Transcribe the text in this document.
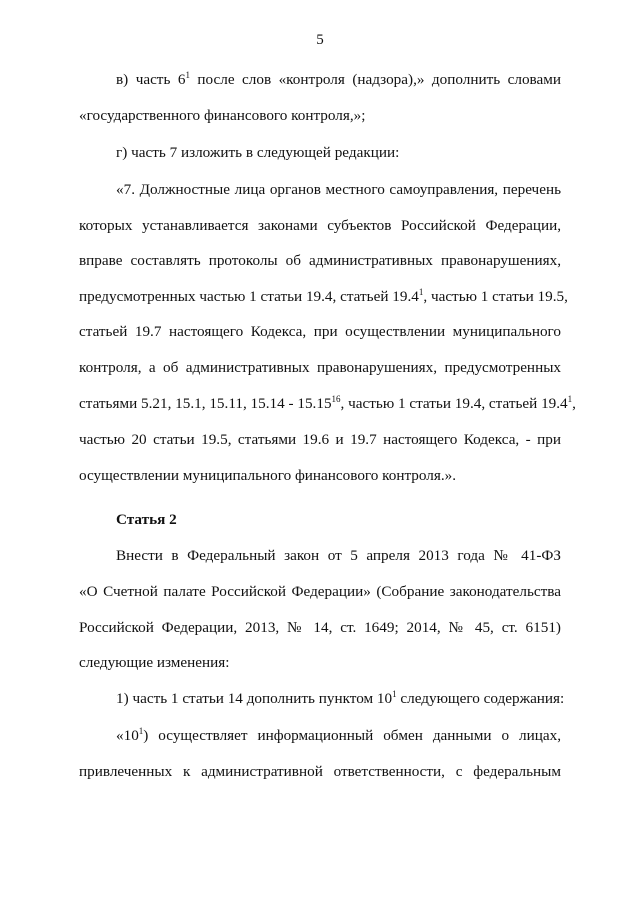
5
в) часть $6^1$ после слов «контроля (надзора),» дополнить словами
«государственного финансового контроля,»;
г) часть 7 изложить в следующей редакции:
«7. Должностные лица органов местного самоуправления, перечень
которых устанавливается законами субъектов Российской Федерации,
вправе составлять протоколы об административных правонарушениях,
предусмотренных частью 1 статьи 19.4, статьей 19.4$^1$, частью 1 статьи 19.5,
статьей 19.7 настоящего Кодекса, при осуществлении муниципального
контроля, а об административных правонарушениях, предусмотренных
статьями 5.21, 15.1, 15.11, 15.14 - 15.15$^{16}$, частью 1 статьи 19.4, статьей 19.4$^1$,
частью 20 статьи 19.5, статьями 19.6 и 19.7 настоящего Кодекса, - при
осуществлении муниципального финансового контроля.».
Статья 2
Внести в Федеральный закон от 5 апреля 2013 года № 41-ФЗ
«О Счетной палате Российской Федерации» (Собрание законодательства
Российской Федерации, 2013, № 14, ст. 1649; 2014, № 45, ст. 6151)
следующие изменения:
1) часть 1 статьи 14 дополнить пунктом $10^1$ следующего содержания:
«$10^1$) осуществляет информационный обмен данными о лицах,
привлеченных к административной ответственности, с федеральным
